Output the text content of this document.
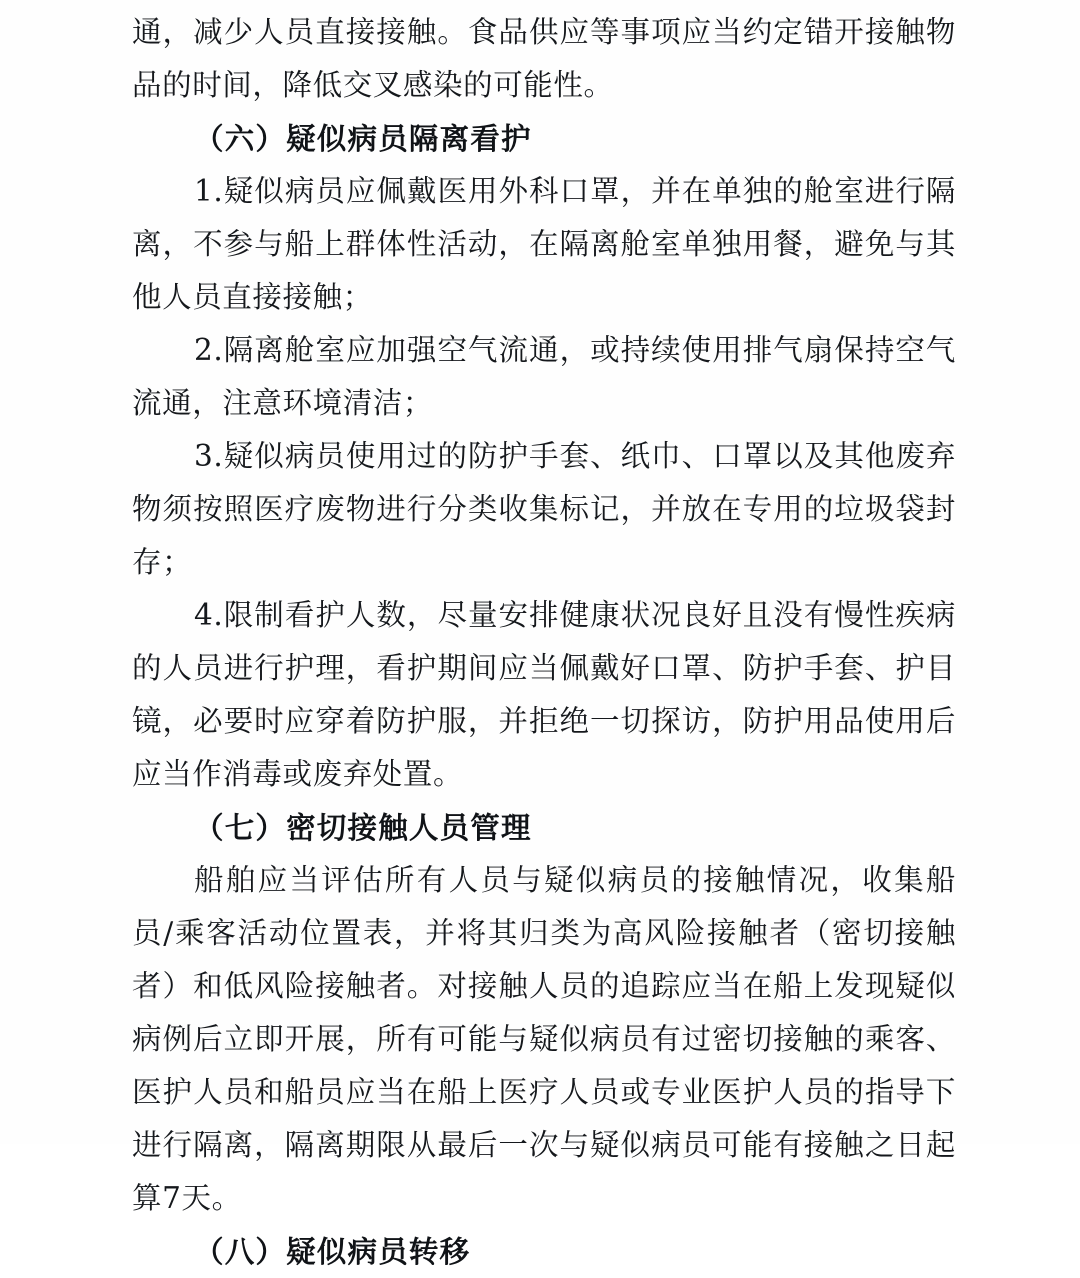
通，减少人员直接接触。食品供应等事项应当约定错开接触物品的时间，降低交叉感染的可能性。

（六）疑似病员隔离看护

1.疑似病员应佩戴医用外科口罩，并在单独的舱室进行隔离，不参与船上群体性活动，在隔离舱室单独用餐，避免与其他人员直接接触；

2.隔离舱室应加强空气流通，或持续使用排气扇保持空气流通，注意环境清洁；

3.疑似病员使用过的防护手套、纸巾、口罩以及其他废弃物须按照医疗废物进行分类收集标记，并放在专用的垃圾袋封存；

4.限制看护人数，尽量安排健康状况良好且没有慢性疾病的人员进行护理，看护期间应当佩戴好口罩、防护手套、护目镜，必要时应穿着防护服，并拒绝一切探访，防护用品使用后应当作消毒或废弃处置。

（七）密切接触人员管理

船舶应当评估所有人员与疑似病员的接触情况，收集船员/乘客活动位置表，并将其归类为高风险接触者（密切接触者）和低风险接触者。对接触人员的追踪应当在船上发现疑似病例后立即开展，所有可能与疑似病员有过密切接触的乘客、医护人员和船员应当在船上医疗人员或专业医护人员的指导下进行隔离，隔离期限从最后一次与疑似病员可能有接触之日起算7天。

（八）疑似病员转移
